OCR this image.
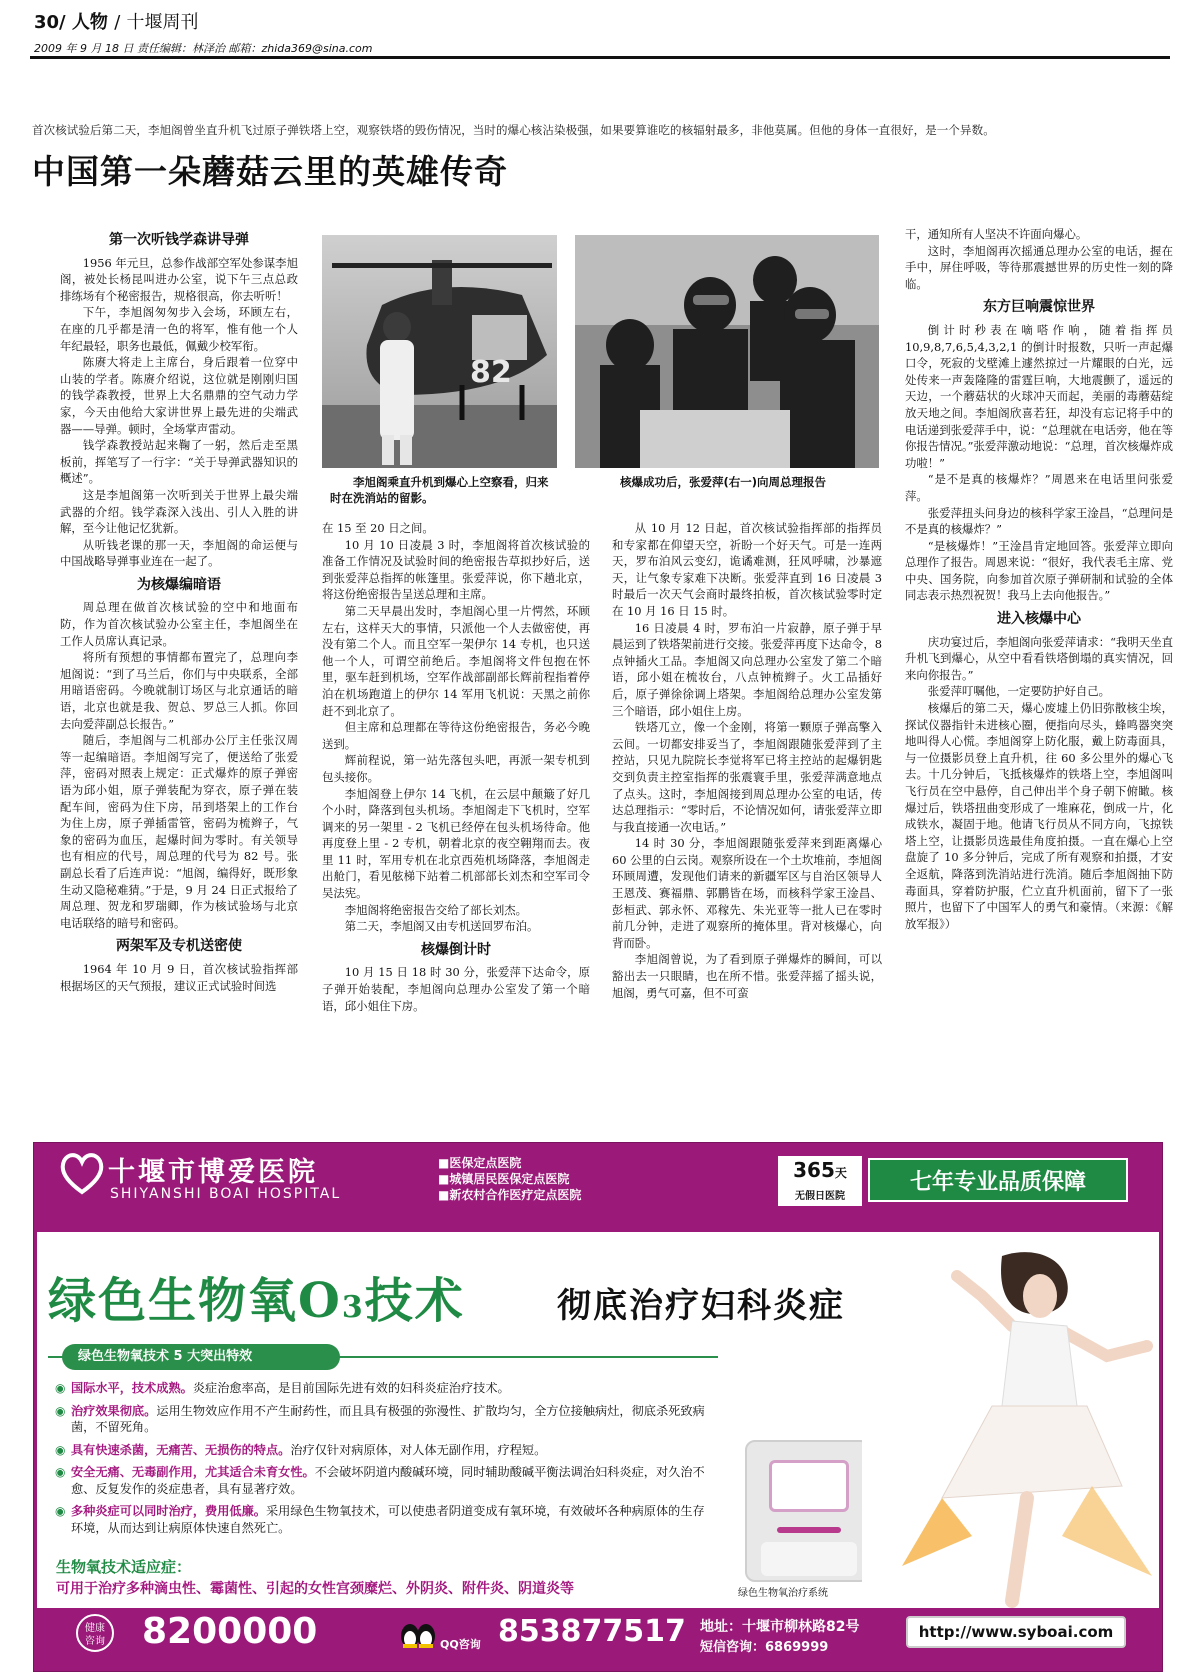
30/ 人物 / 十堰周刊
2009 年 9 月 18 日 责任编辑：林泽治 邮箱：zhida369@sina.com
首次核试验后第二天，李旭阁曾坐直升机飞过原子弹铁塔上空，观察铁塔的毁伤情况，当时的爆心核沾染极强，如果要算谁吃的核辐射最多，非他莫属。但他的身体一直很好，是一个异数。
中国第一朵蘑菇云里的英雄传奇
第一次听钱学森讲导弹

1956 年元旦，总参作战部空军处参谋李旭阁，被处长杨昆叫进办公室，说下午三点总政排练场有个秘密报告，规格很高，你去听听！

下午，李旭阁匆匆步入会场，环顾左右，在座的几乎都是清一色的将军，惟有他一个人年纪最轻，职务也最低，佩戴少校军衔。

陈赓大将走上主席台，身后跟着一位穿中山装的学者。陈赓介绍说，这位就是刚刚归国的钱学森教授，世界上大名鼎鼎的空气动力学家，今天由他给大家讲世界上最先进的尖端武器——导弹。顿时，全场掌声雷动。

钱学森教授站起来鞠了一躬，然后走至黑板前，挥笔写了一行字：“关于导弹武器知识的概述”。

这是李旭阁第一次听到关于世界上最尖端武器的介绍。钱学森深入浅出、引人入胜的讲解，至今让他记忆犹新。

从听钱老课的那一天，李旭阁的命运便与中国战略导弹事业连在一起了。

为核爆编暗语

周总理在做首次核试验的空中和地面布防，作为首次核试验办公室主任，李旭阁坐在工作人员席认真记录。

将所有预想的事情都布置完了，总理向李旭阁说：“到了马兰后，你们与中央联系，全部用暗语密码。今晚就制订场区与北京通话的暗语，北京也就是我、贺总、罗总三人抓。你回去向爱萍副总长报告。”

随后，李旭阁与二机部办公厅主任张汉周等一起编暗语。李旭阁写完了，便送给了张爱萍，密码对照表上规定：正式爆炸的原子弹密语为邱小姐，原子弹装配为穿衣，原子弹在装配车间，密码为住下房，吊到塔架上的工作台为住上房，原子弹插雷管，密码为梳辫子，气象的密码为血压，起爆时间为零时。有关领导也有相应的代号，周总理的代号为 82 号。张副总长看了后连声说：“旭阁，编得好，既形象生动又隐秘难猜。”于是，9 月 24 日正式报给了周总理、贺龙和罗瑞卿，作为核试验场与北京电话联络的暗号和密码。

两架军及专机送密使

1964 年 10 月 9 日，首次核试验指挥部根据场区的天气预报，建议正式试验时间选

在 15 至 20 日之间。

10 月 10 日凌晨 3 时，李旭阁将首次核试验的准备工作情况及试验时间的绝密报告草拟抄好后，送到张爱萍总指挥的帐篷里。张爱萍说，你下趟北京，将这份绝密报告呈送总理和主席。

第二天早晨出发时，李旭阁心里一片愕然，环顾左右，这样天大的事情，只派他一个人去做密使，再没有第二个人。而且空军一架伊尔 14 专机，也只送他一个人，可谓空前绝后。李旭阁将文件包抱在怀里，驱车赶到机场，空军作战部副部长辉前程指着停泊在机场跑道上的伊尔 14 军用飞机说：天黑之前你赶不到北京了。

但主席和总理都在等待这份绝密报告，务必今晚送到。

辉前程说，第一站先落包头吧，再派一架专机到包头接你。

李旭阁登上伊尔 14 飞机，在云层中颠簸了好几个小时，降落到包头机场。李旭阁走下飞机时，空军调来的另一架里 - 2 飞机已经停在包头机场待命。他再度登上里 - 2 专机，朝着北京的夜空翱翔而去。夜里 11 时，军用专机在北京西苑机场降落，李旭阁走出舱门，看见舷梯下站着二机部部长刘杰和空军司令吴法宪。

李旭阁将绝密报告交给了部长刘杰。

第二天，李旭阁又由专机送回罗布泊。

核爆倒计时

10 月 15 日 18 时 30 分，张爱萍下达命令，原子弹开始装配，李旭阁向总理办公室发了第一个暗语，邱小姐住下房。

从 10 月 12 日起，首次核试验指挥部的指挥员和专家都在仰望天空，祈盼一个好天气。可是一连两天，罗布泊风云变幻，诡谲难测，狂风呼啸，沙暴遮天，让气象专家难下决断。张爱萍直到 16 日凌晨 3 时最后一次天气会商时最终拍板，首次核试验零时定在 10 月 16 日 15 时。

16 日凌晨 4 时，罗布泊一片寂静，原子弹于早晨运到了铁塔架前进行交接。张爱萍再度下达命令，8 点钟插火工品。李旭阁又向总理办公室发了第二个暗语，邱小姐在梳妆台，八点钟梳辫子。火工品插好后，原子弹徐徐调上塔架。李旭阁给总理办公室发第三个暗语，邱小姐住上房。

铁塔兀立，像一个金刚，将第一颗原子弹高擎入云间。一切都安排妥当了，李旭阁跟随张爱萍到了主控站，只见九院院长李觉将军已将主控站的起爆钥匙交到负责主控室指挥的张震寰手里，张爱萍满意地点了点头。这时，李旭阁接到周总理办公室的电话，传达总理指示：“零时后，不论情况如何，请张爱萍立即与我直接通一次电话。”

14 时 30 分，李旭阁跟随张爱萍来到距离爆心 60 公里的白云岗。观察所设在一个土坎堆前，李旭阁环顾周遭，发现他们请来的新疆军区与自治区领导人王恩茂、赛福鼎、郭鹏皆在场，而核科学家王淦昌、彭桓武、郭永怀、邓稼先、朱光亚等一批人已在零时前几分钟，走进了观察所的掩体里。背对核爆心，向背而卧。

李旭阁曾说，为了看到原子弹爆炸的瞬间，可以豁出去一只眼睛，也在所不惜。张爱萍摇了摇头说，旭阁，勇气可嘉，但不可蛮

干，通知所有人坚决不许面向爆心。

这时，李旭阁再次摇通总理办公室的电话，握在手中，屏住呼吸，等待那震撼世界的历史性一刻的降临。

东方巨响震惊世界

倒计时秒表在嘀嗒作响，随着指挥员 10,9,8,7,6,5,4,3,2,1 的倒计时报数，只听一声起爆口令，死寂的戈壁滩上遽然掠过一片耀眼的白光，远处传来一声轰隆隆的雷霆巨响，大地震颤了，遥远的天边，一个蘑菇状的火球冲天而起，美丽的毒蘑菇绽放天地之间。李旭阁欣喜若狂，却没有忘记将手中的电话递到张爱萍手中，说：“总理就在电话旁，他在等你报告情况。”张爱萍激动地说：“总理，首次核爆炸成功啦！”

“是不是真的核爆炸？”周恩来在电话里问张爱萍。

张爱萍扭头问身边的核科学家王淦昌，“总理问是不是真的核爆炸？”

“是核爆炸！”王淦昌肯定地回答。张爱萍立即向总理作了报告。周恩来说：“很好，我代表毛主席、党中央、国务院，向参加首次原子弹研制和试验的全体同志表示热烈祝贺！我马上去向他报告。”

进入核爆中心

庆功宴过后，李旭阁向张爱萍请求：“我明天坐直升机飞到爆心，从空中看看铁塔倒塌的真实情况，回来向你报告。”

张爱萍叮嘱他，一定要防护好自己。

核爆后的第二天，爆心废墟上仍旧弥散核尘埃，探试仪器指针未进核心圈，便指向尽头，蜂鸣器突突地叫得人心慌。李旭阁穿上防化服，戴上防毒面具，与一位摄影员登上直升机，往 60 多公里外的爆心飞去。十几分钟后，飞抵核爆炸的铁塔上空，李旭阁叫飞行员在空中悬停，自己伸出半个身子朝下俯瞰。核爆过后，铁塔扭曲变形成了一堆麻花，倒成一片，化成铁水，凝固于地。他请飞行员从不同方向，飞掠铁塔上空，让摄影员选最佳角度拍摄。一直在爆心上空盘旋了 10 多分钟后，完成了所有观察和拍摄，才安全返航，降落到洗消站进行洗消。随后李旭阁抽下防毒面具，穿着防护服，伫立直升机面前，留下了一张照片，也留下了中国军人的勇气和豪情。（来源：《解放军报》）

82
李旭阁乘直升机到爆心上空察看，归来时在洗消站的留影。
核爆成功后，张爱萍(右一)向周总理报告
十堰市博爱医院
SHIYANSHI BOAI HOSPITAL
■ 医保定点医院
■ 城镇居民医保定点医院
■ 新农村合作医疗定点医院
365天
无假日医院
七年专业品质保障
绿色生物氧O3技术	彻底治疗妇科炎症
绿色生物氧技术 5 大突出特效
◉ 国际水平，技术成熟。炎症治愈率高，是目前国际先进有效的妇科炎症治疗技术。
◉ 治疗效果彻底。运用生物效应作用不产生耐药性，而且具有极强的弥漫性、扩散均匀，全方位接触病灶，彻底杀死致病菌，不留死角。
◉ 具有快速杀菌，无痛苦、无损伤的特点。治疗仅针对病原体，对人体无副作用，疗程短。
◉ 安全无痛、无毒副作用，尤其适合未育女性。不会破坏阴道内酸碱环境，同时辅助酸碱平衡法调治妇科炎症，对久治不愈、反复发作的炎症患者，具有显著疗效。
◉ 多种炎症可以同时治疗，费用低廉。采用绿色生物氧技术，可以使患者阴道变成有氧环境，有效破坏各种病原体的生存环境，从而达到让病原体快速自然死亡。
绿色生物氧治疗系统
生物氧技术适应症：
可用于治疗多种滴虫性、霉菌性、引起的女性宫颈糜烂、外阴炎、附件炎、阴道炎等
健康咨询 8200000	QQ咨询 853877517 地址：十堰市柳林路82号
短信咨询：6869999
http://www.syboai.com
